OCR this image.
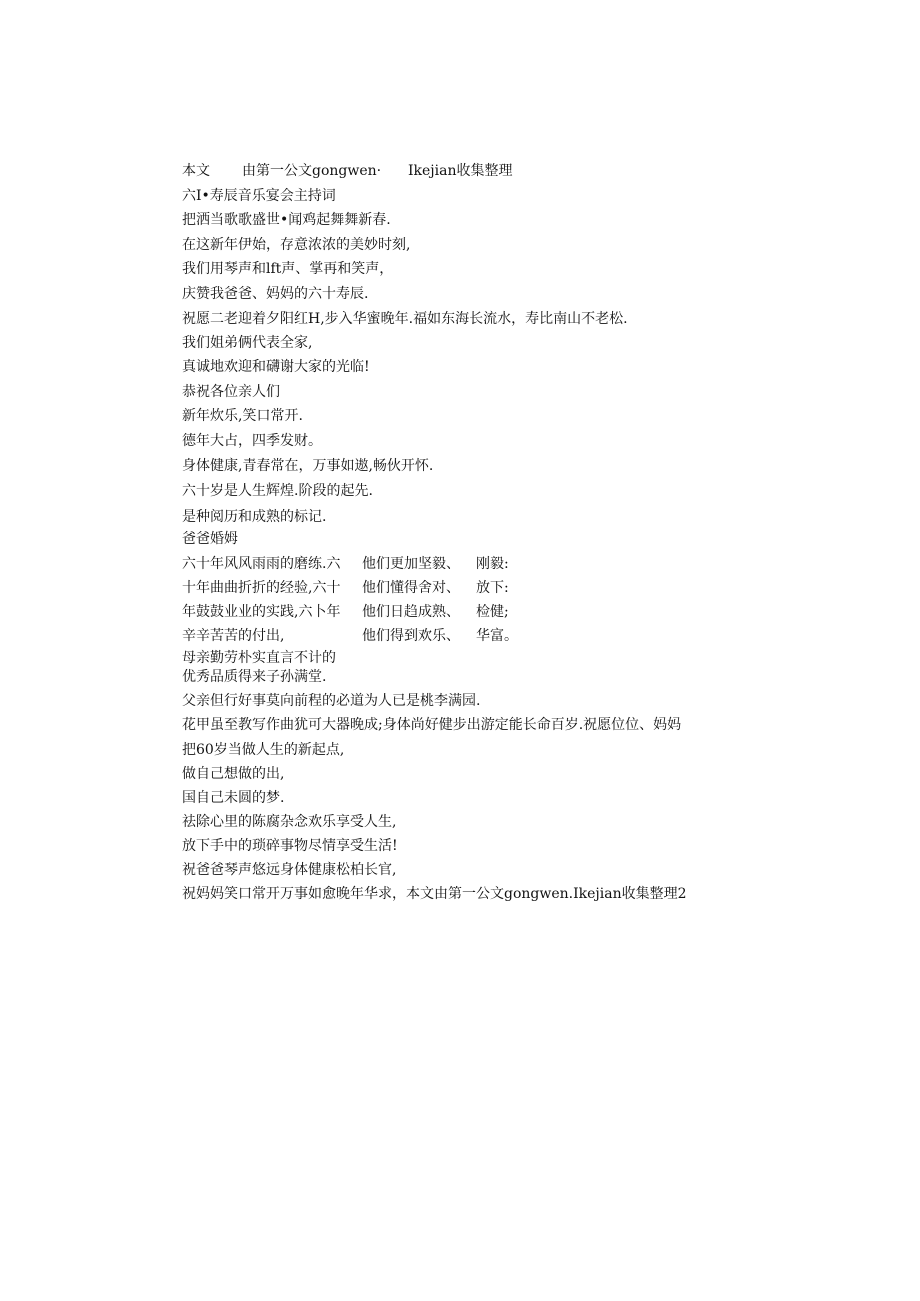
本文 由第一公文gongwen· Ikejian收集整理
六I•寿辰音乐宴会主持词
把洒当歌歌盛世•闻鸡起舞舞新春.
在这新年伊始，存意浓浓的美妙时刻,
我们用琴声和lft声、掌再和笑声，
庆赞我爸爸、妈妈的六十寿辰.
祝愿二老迎着夕阳红H,步入华蜜晚年.福如东海长流水，寿比南山不老松.
我们姐弟俩代表全家,
真诚地欢迎和礴谢大家的光临!
恭祝各位亲人们
新年炊乐,笑口常开.
德年大占，四季发财。
身体健康,青春常在，万事如遨,畅伙开怀.
六十岁是人生辉煌.阶段的起先.
是种阅历和成熟的标记.
爸爸婚姆
六十年风风雨雨的磨练.六
十年曲曲折折的经验,六十
年鼓鼓业业的实践,六卜年
辛辛苦苦的付出,
他们更加坚毅、
他们懂得舍对、
他们日趋成熟、
他们得到欢乐、
刚毅:
放下:
检健;
华富。
母亲勤劳朴实直言不计的
优秀品质得来子孙满堂.
父亲但行好事莫向前程的必道为人已是桃李满园.
花甲虽至教写作曲犹可大器晚成;身体尚好健步出游定能长命百岁.祝愿位位、妈妈
把60岁当做人生的新起点,
做自己想做的出,
国自己未圆的梦.
祛除心里的陈腐杂念欢乐享受人生,
放下手中的琐碎事物尽情享受生活!
祝爸爸琴声悠远身体健康松柏长官,
祝妈妈笑口常开万事如愈晚年华求，本文由第一公文gongwen.Ikejian收集整理2
